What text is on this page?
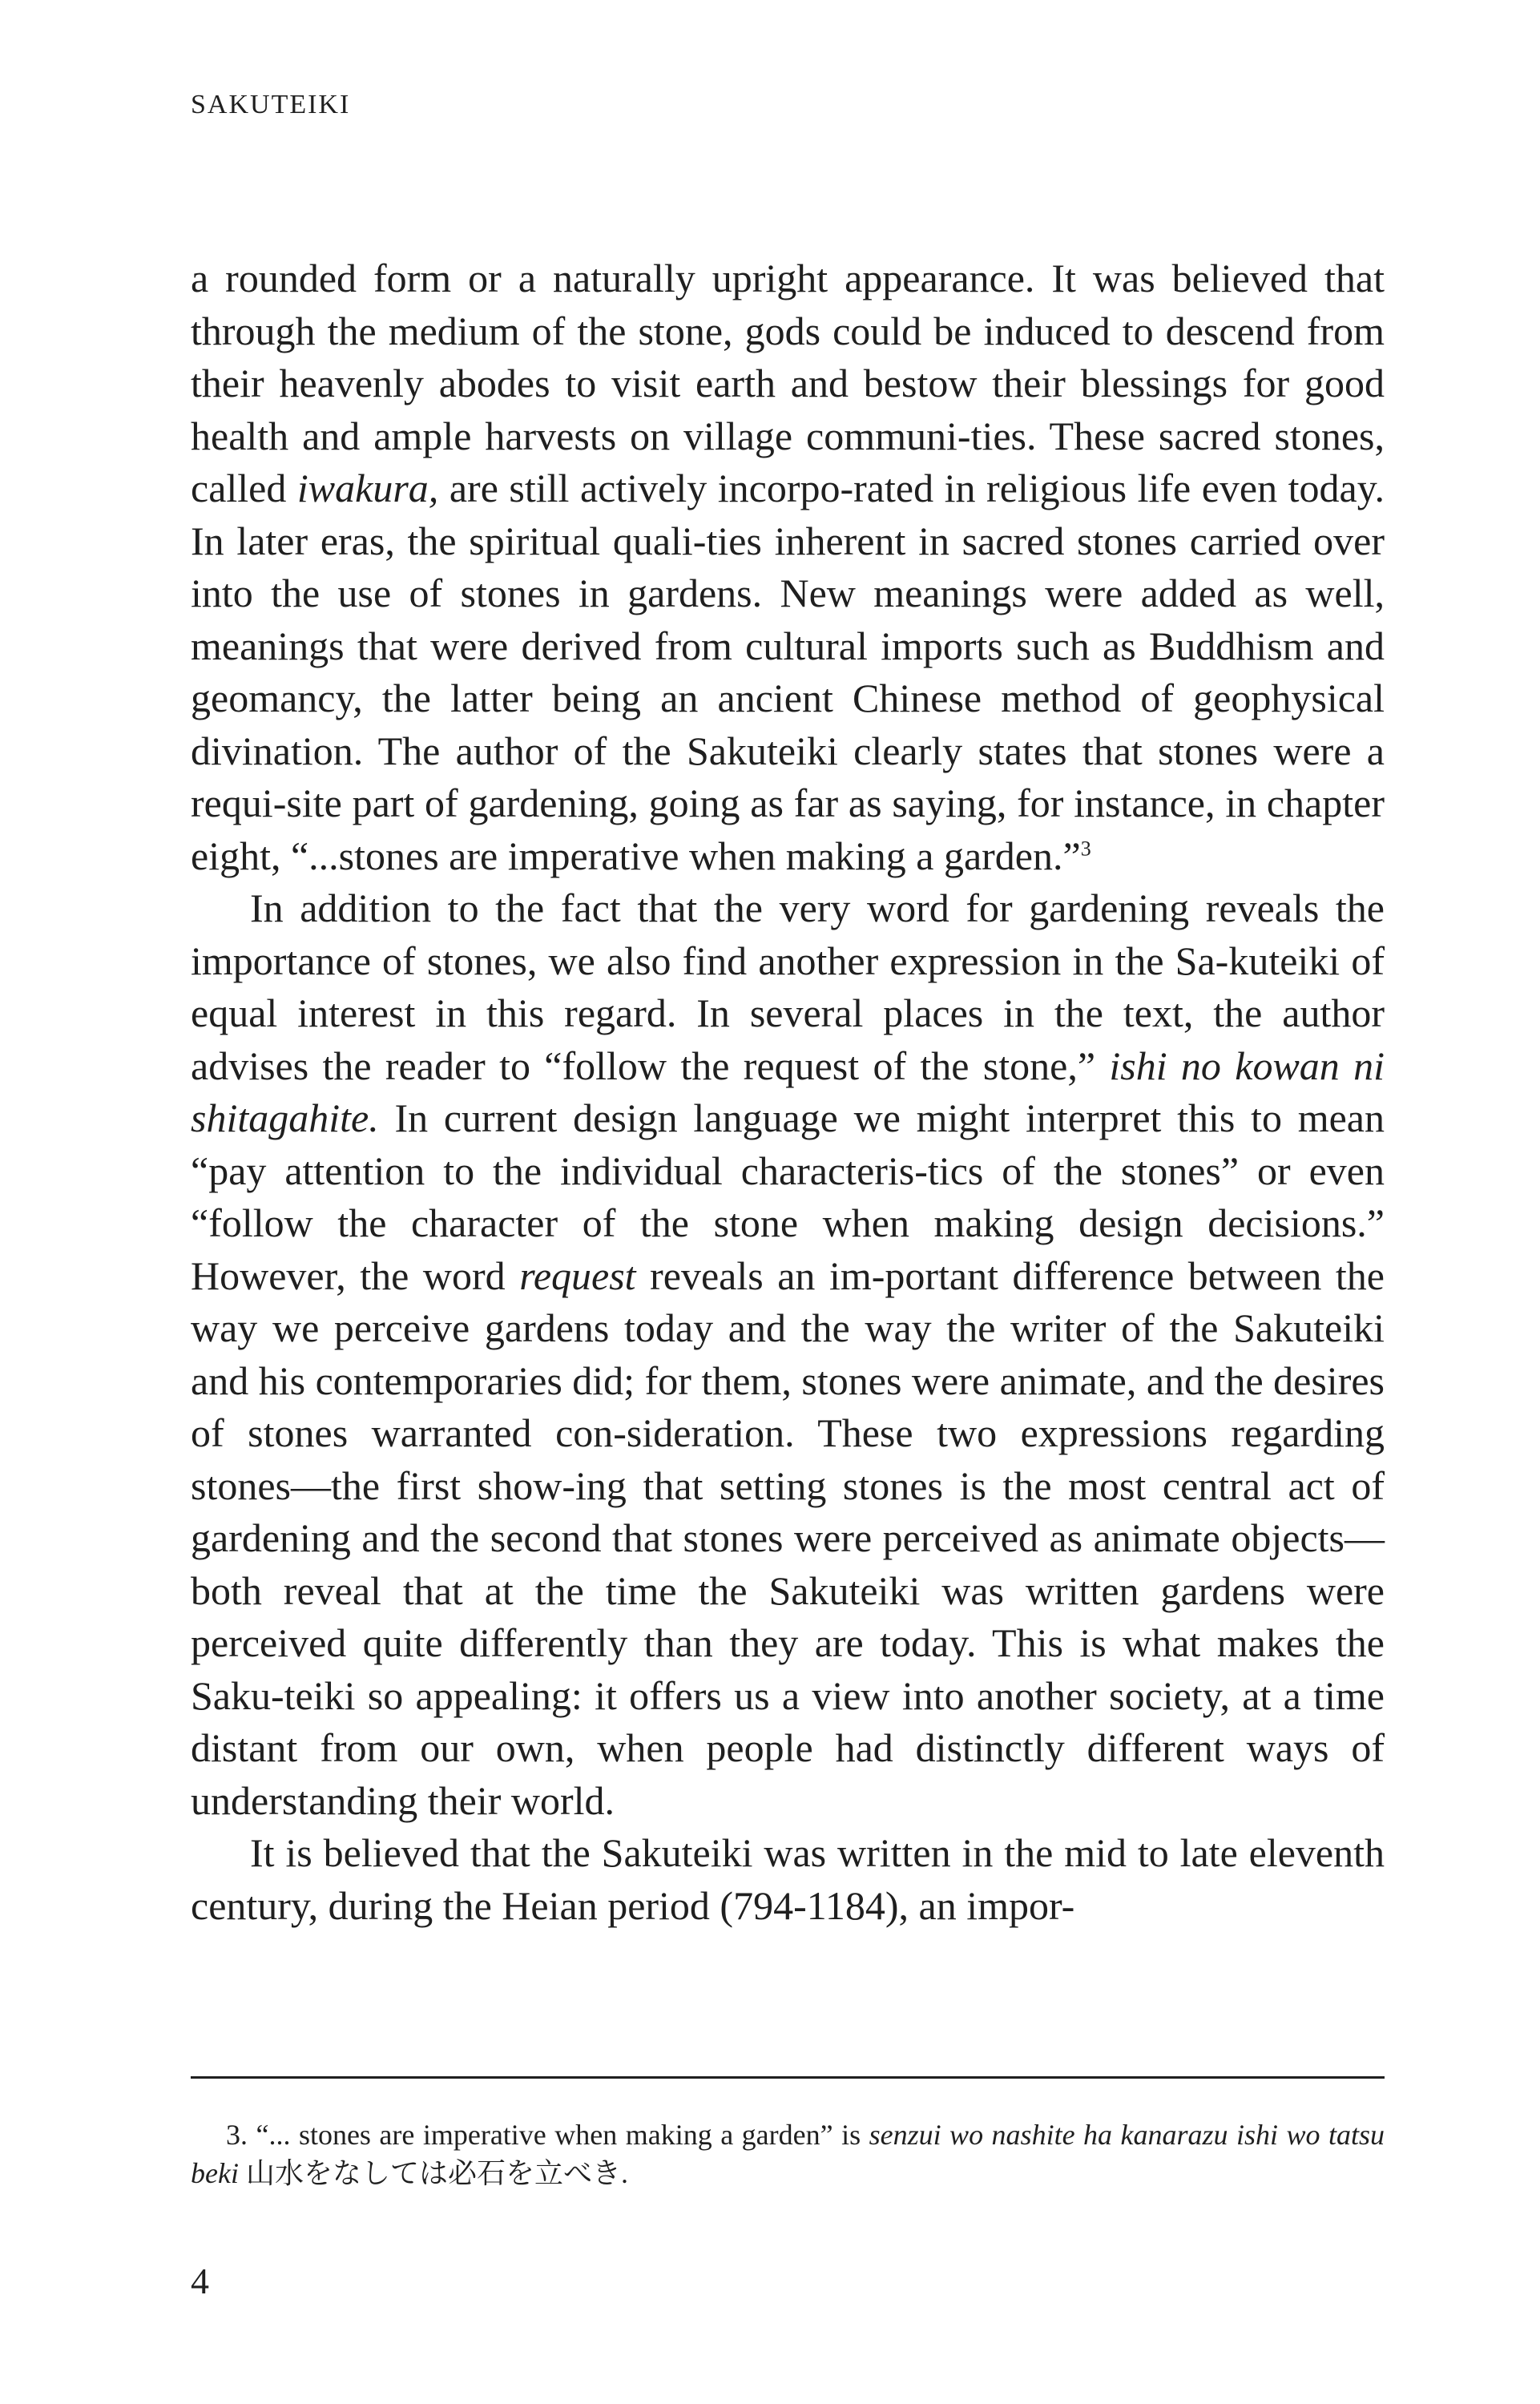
SAKUTEIKI

a rounded form or a naturally upright appearance. It was believed that through the medium of the stone, gods could be induced to descend from their heavenly abodes to visit earth and bestow their blessings for good health and ample harvests on village communi-ties. These sacred stones, called iwakura, are still actively incorpo-rated in religious life even today. In later eras, the spiritual quali-ties inherent in sacred stones carried over into the use of stones in gardens. New meanings were added as well, meanings that were derived from cultural imports such as Buddhism and geomancy, the latter being an ancient Chinese method of geophysical divination. The author of the Sakuteiki clearly states that stones were a requi-site part of gardening, going as far as saying, for instance, in chapter eight, “...stones are imperative when making a garden.”$^3$

In addition to the fact that the very word for gardening reveals the importance of stones, we also find another expression in the Sa-kuteiki of equal interest in this regard. In several places in the text, the author advises the reader to “follow the request of the stone,” ishi no kowan ni shitagahite. In current design language we might interpret this to mean “pay attention to the individual characteris-tics of the stones” or even “follow the character of the stone when making design decisions.” However, the word request reveals an im-portant difference between the way we perceive gardens today and the way the writer of the Sakuteiki and his contemporaries did; for them, stones were animate, and the desires of stones warranted con-sideration. These two expressions regarding stones—the first show-ing that setting stones is the most central act of gardening and the second that stones were perceived as animate objects—both reveal that at the time the Sakuteiki was written gardens were perceived quite differently than they are today. This is what makes the Saku-teiki so appealing: it offers us a view into another society, at a time distant from our own, when people had distinctly different ways of understanding their world.

It is believed that the Sakuteiki was written in the mid to late eleventh century, during the Heian period (794-1184), an impor-

3. “... stones are imperative when making a garden” is senzui wo nashite ha kanarazu ishi wo tatsu beki 山水をなしては必石を立べき.
4
